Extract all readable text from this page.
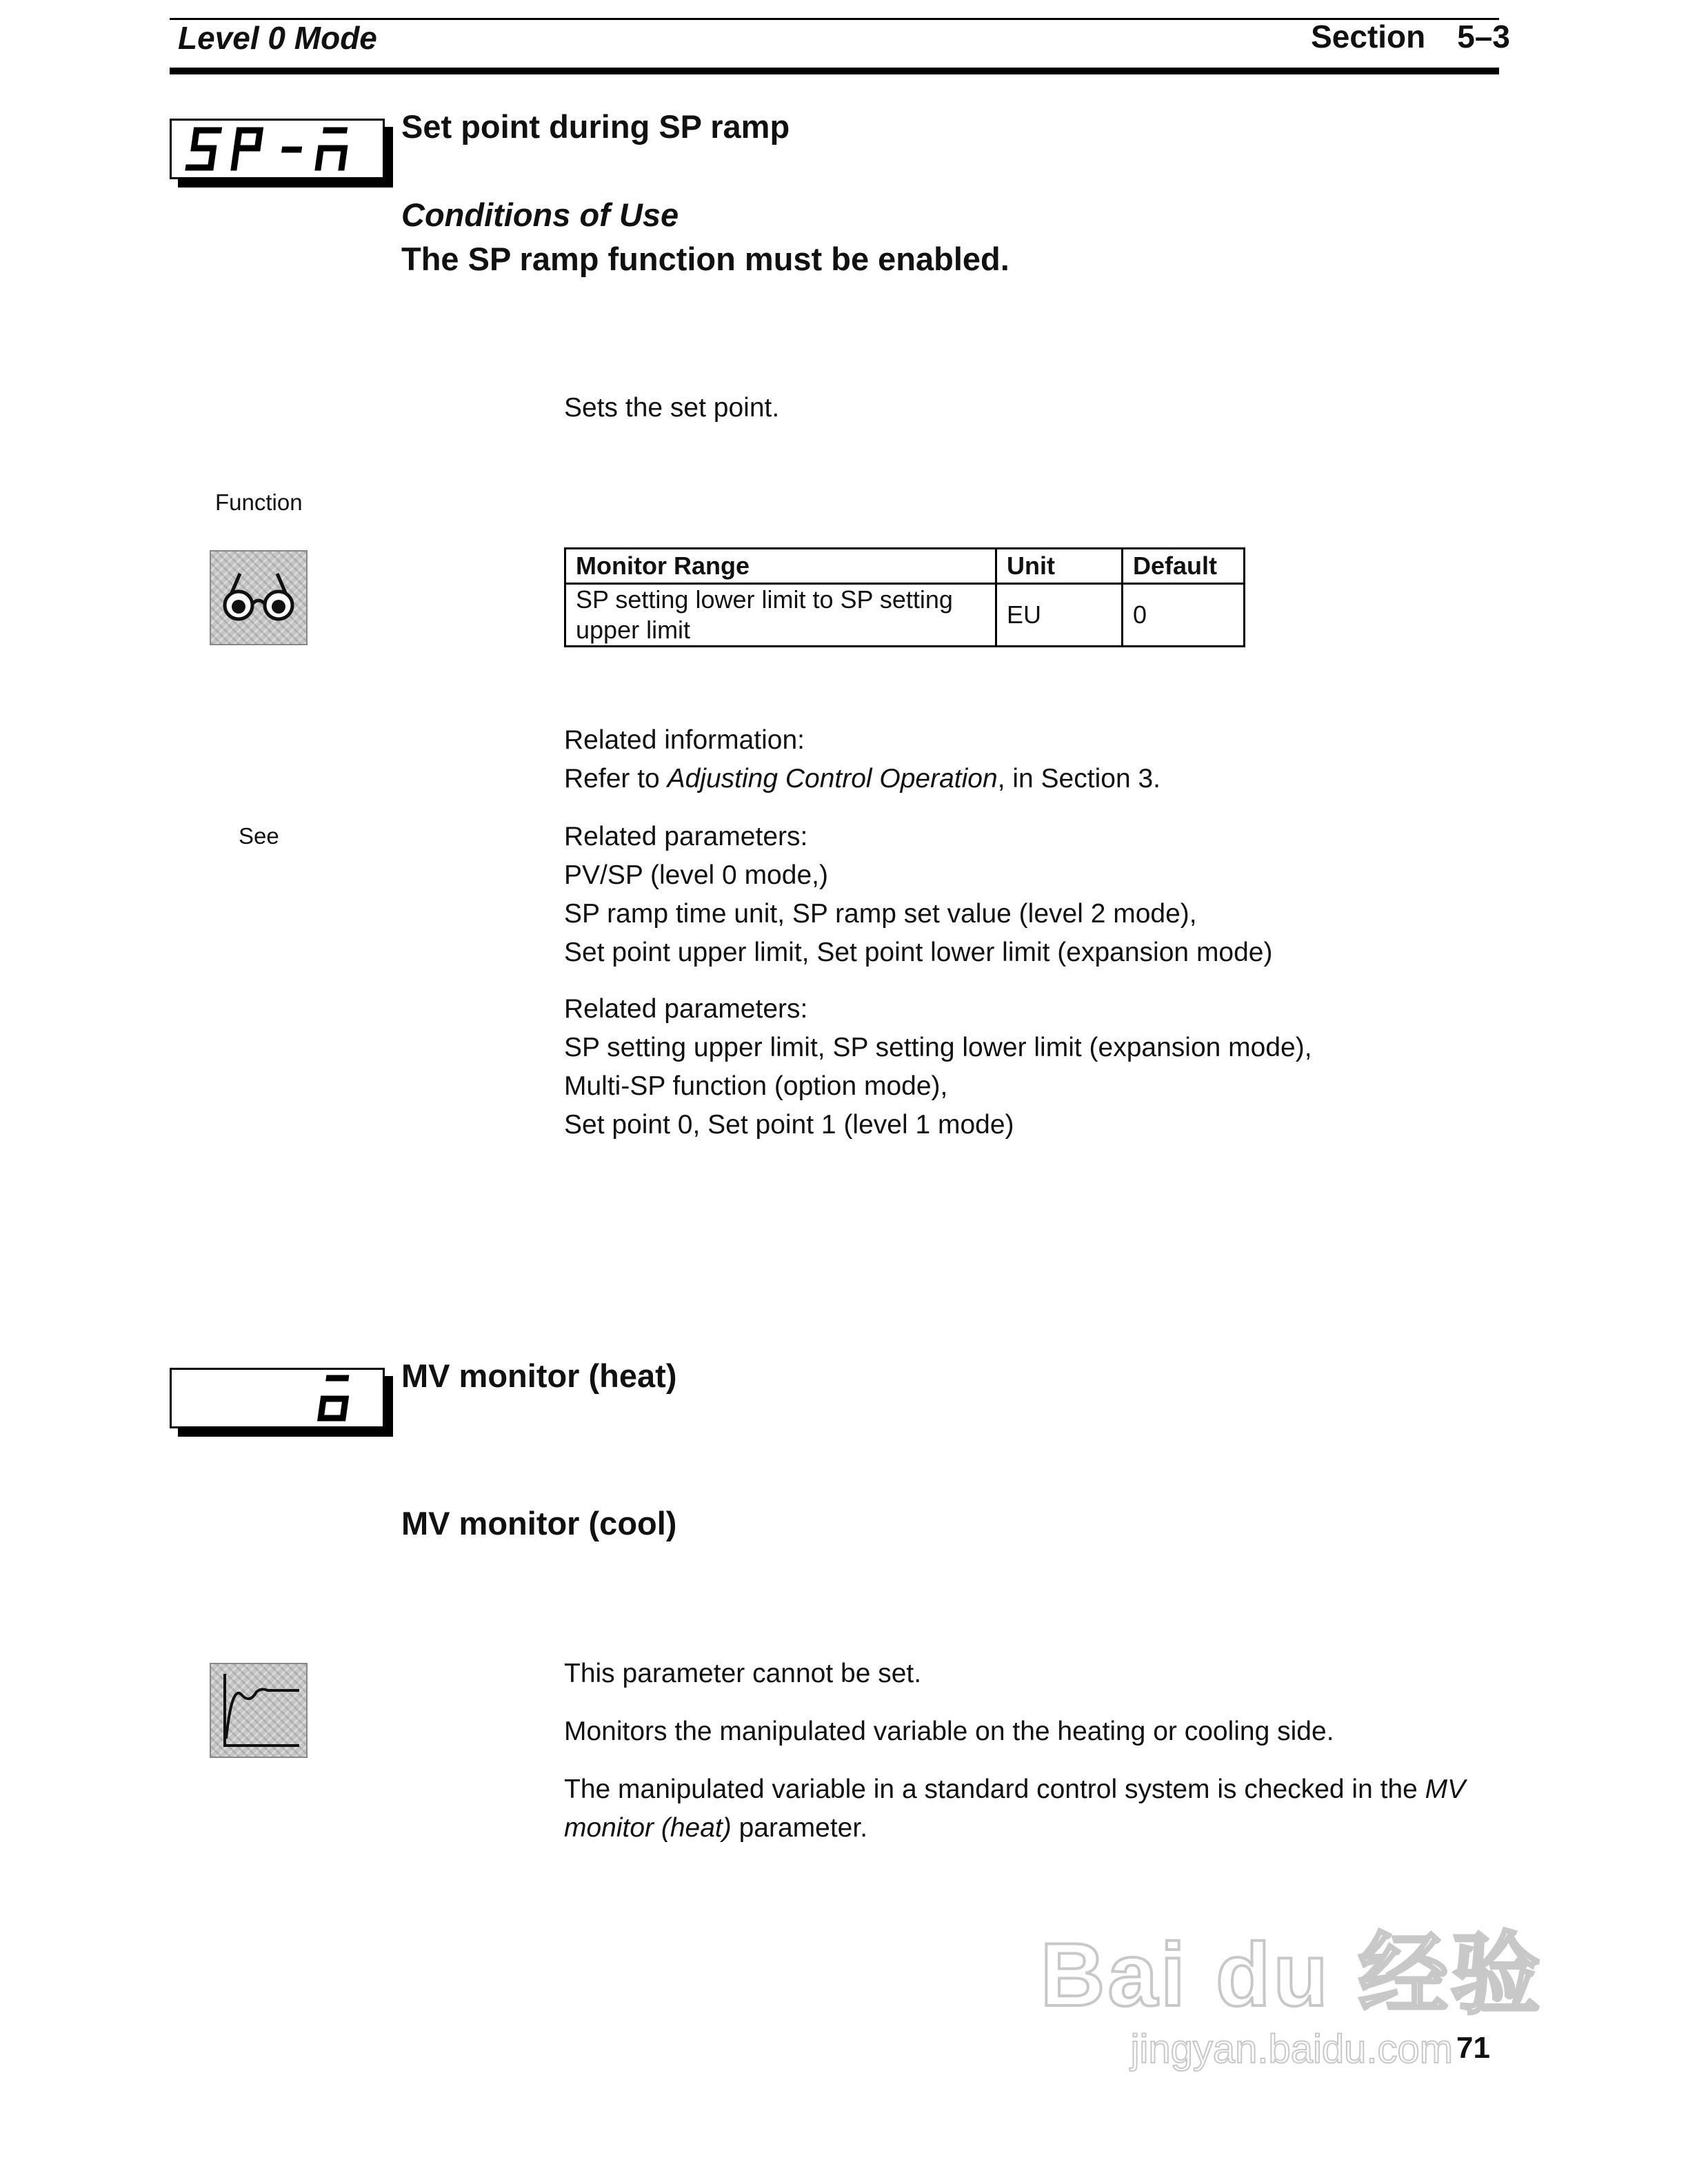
Level 0 Mode	Section 5–3
Set point during SP ramp
Conditions of Use
The SP ramp function must be enabled.
Sets the set point.
Function
Monitor Range	Unit	Default
SP setting lower limit to SP setting
upper limit	EU	0
Related information:
Refer to Adjusting Control Operation, in Section 3.
See	Related parameters:
PV/SP (level 0 mode,)
SP ramp time unit, SP ramp set value (level 2 mode),
Set point upper limit, Set point lower limit (expansion mode)
Related parameters:
SP setting upper limit, SP setting lower limit (expansion mode),
Multi-SP function (option mode),
Set point 0, Set point 1 (level 1 mode)
MV monitor (heat)
MV monitor (cool)
This parameter cannot be set.
Monitors the manipulated variable on the heating or cooling side.
The manipulated variable in a standard control system is checked in the MV
monitor (heat) parameter.
Bai du 经验
jingyan.baidu.com 71
